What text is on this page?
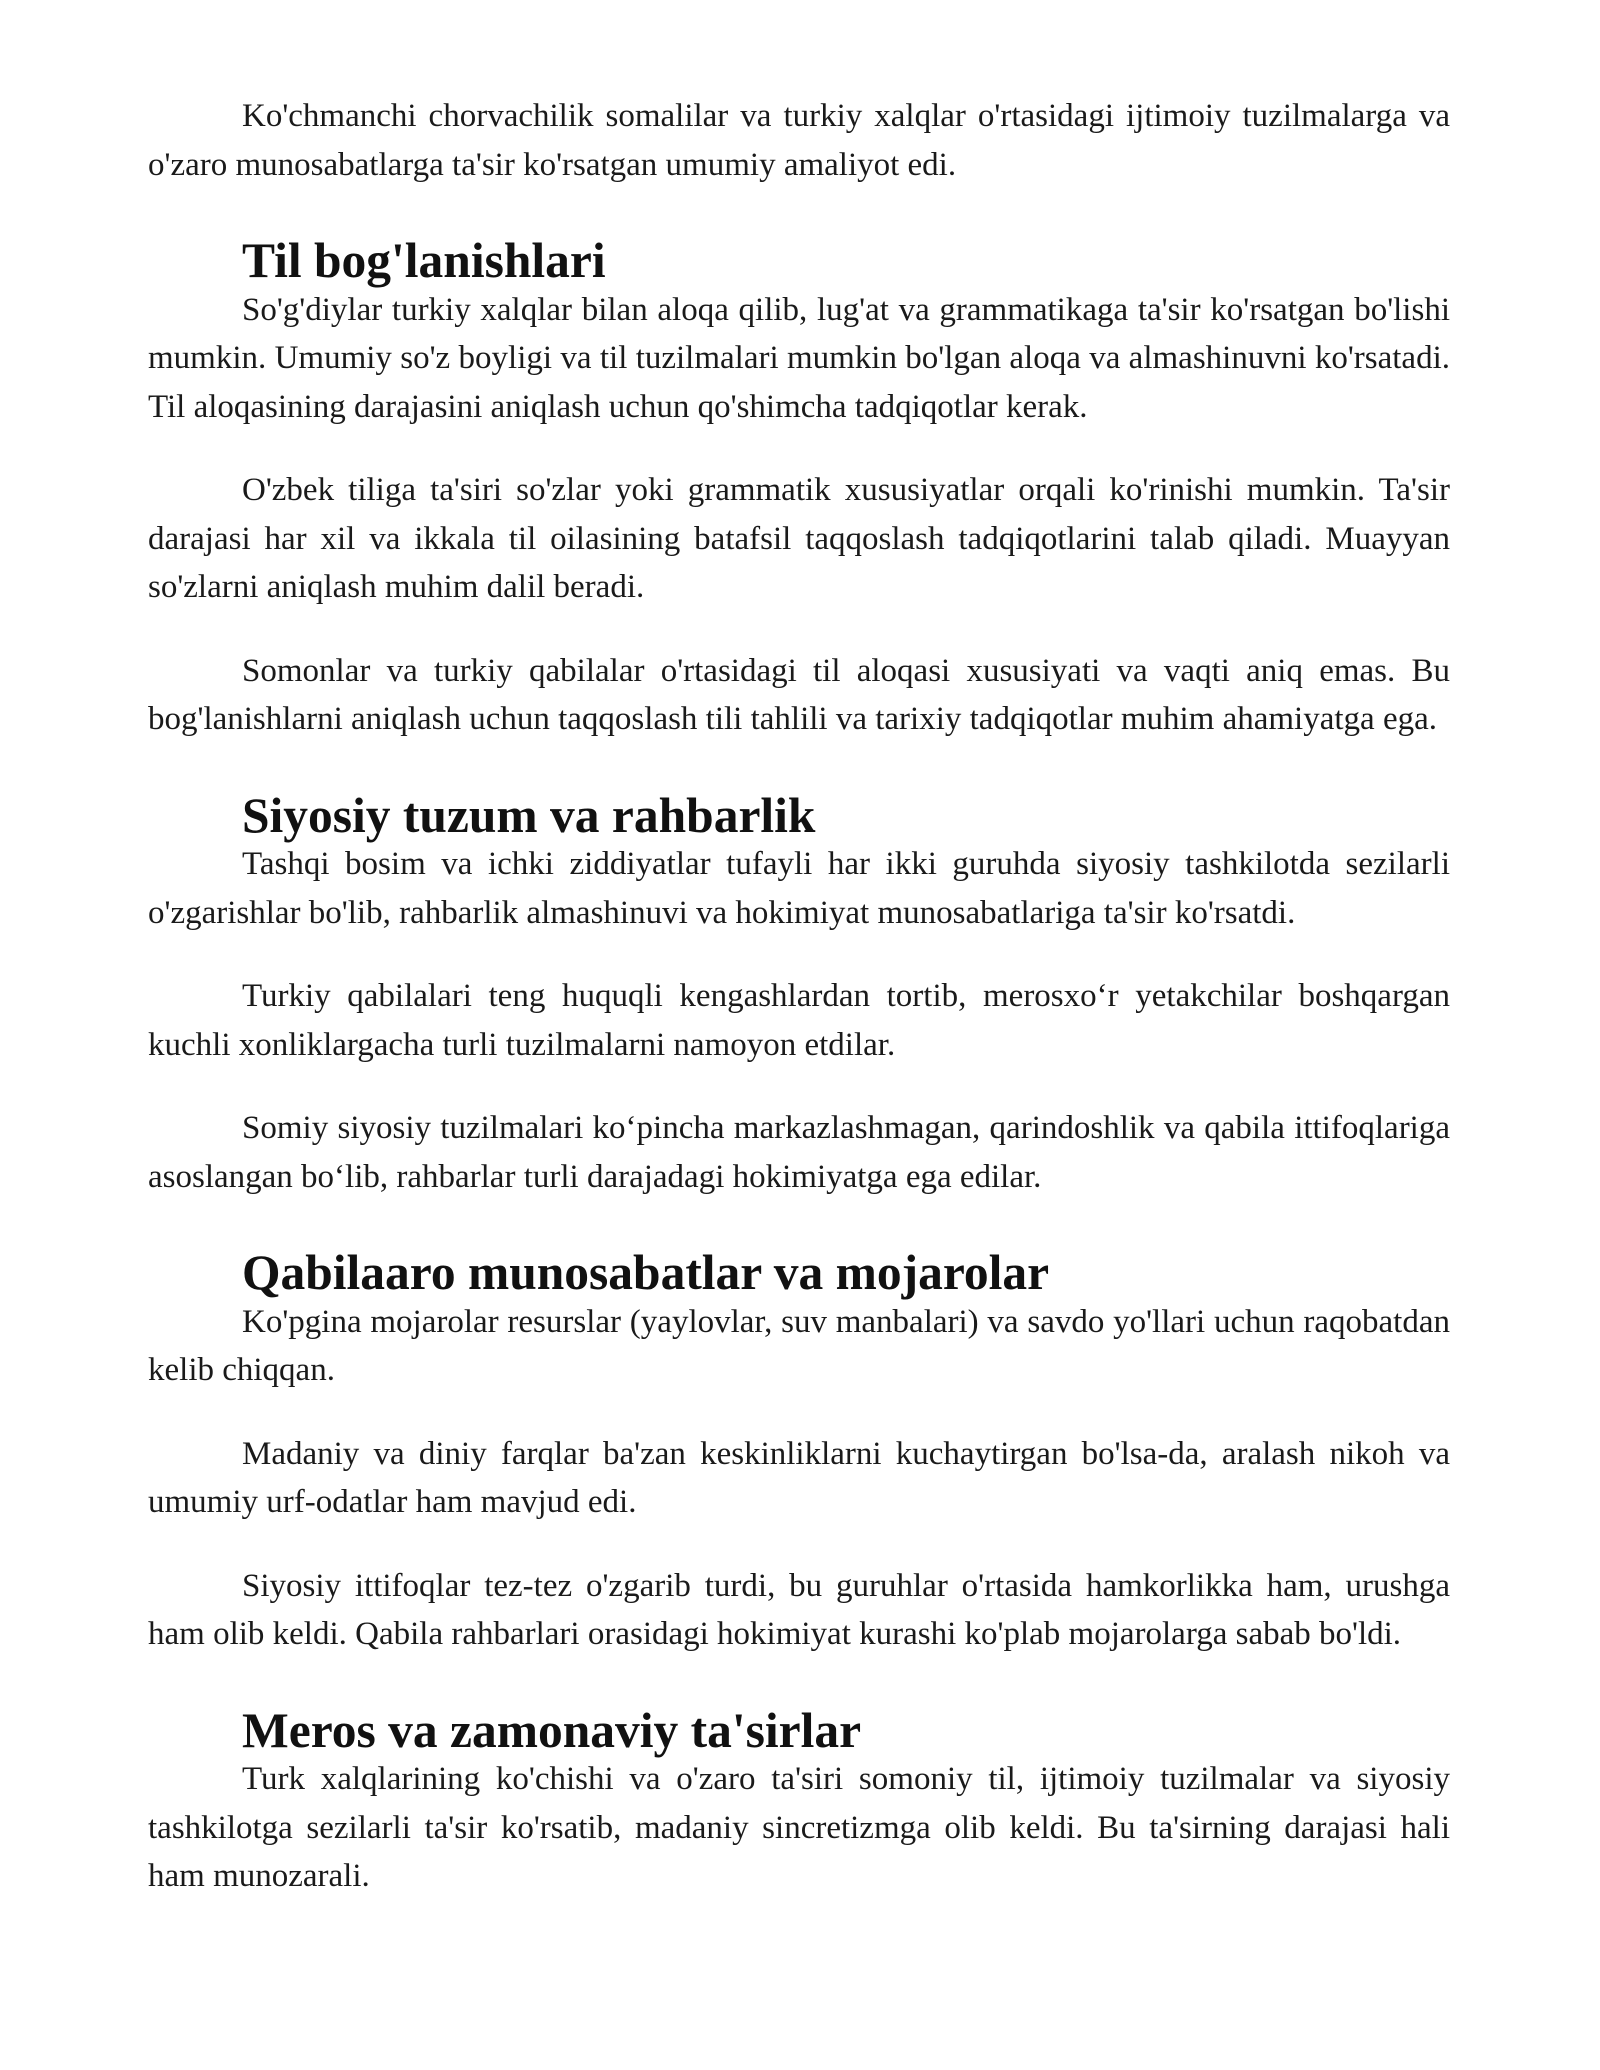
Ko'chmanchi chorvachilik somalilar va turkiy xalqlar o'rtasidagi ijtimoiy tuzilmalarga va o'zaro munosabatlarga ta'sir ko'rsatgan umumiy amaliyot edi.

Til bog'lanishlari

So'g'diylar turkiy xalqlar bilan aloqa qilib, lug'at va grammatikaga ta'sir ko'rsatgan bo'lishi mumkin. Umumiy so'z boyligi va til tuzilmalari mumkin bo'lgan aloqa va almashinuvni ko'rsatadi. Til aloqasining darajasini aniqlash uchun qo'shimcha tadqiqotlar kerak.

O'zbek tiliga ta'siri so'zlar yoki grammatik xususiyatlar orqali ko'rinishi mumkin. Ta'sir darajasi har xil va ikkala til oilasining batafsil taqqoslash tadqiqotlarini talab qiladi. Muayyan so'zlarni aniqlash muhim dalil beradi.

Somonlar va turkiy qabilalar o'rtasidagi til aloqasi xususiyati va vaqti aniq emas. Bu bog'lanishlarni aniqlash uchun taqqoslash tili tahlili va tarixiy tadqiqotlar muhim ahamiyatga ega.

Siyosiy tuzum va rahbarlik

Tashqi bosim va ichki ziddiyatlar tufayli har ikki guruhda siyosiy tashkilotda sezilarli o'zgarishlar bo'lib, rahbarlik almashinuvi va hokimiyat munosabatlariga ta'sir ko'rsatdi.

Turkiy qabilalari teng huquqli kengashlardan tortib, merosxo‘r yetakchilar boshqargan kuchli xonliklargacha turli tuzilmalarni namoyon etdilar.

Somiy siyosiy tuzilmalari ko‘pincha markazlashmagan, qarindoshlik va qabila ittifoqlariga asoslangan bo‘lib, rahbarlar turli darajadagi hokimiyatga ega edilar.

Qabilaaro munosabatlar va mojarolar

Ko'pgina mojarolar resurslar (yaylovlar, suv manbalari) va savdo yo'llari uchun raqobatdan kelib chiqqan.

Madaniy va diniy farqlar ba'zan keskinliklarni kuchaytirgan bo'lsa-da, aralash nikoh va umumiy urf-odatlar ham mavjud edi.

Siyosiy ittifoqlar tez-tez o'zgarib turdi, bu guruhlar o'rtasida hamkorlikka ham, urushga ham olib keldi. Qabila rahbarlari orasidagi hokimiyat kurashi ko'plab mojarolarga sabab bo'ldi.

Meros va zamonaviy ta'sirlar

Turk xalqlarining ko'chishi va o'zaro ta'siri somoniy til, ijtimoiy tuzilmalar va siyosiy tashkilotga sezilarli ta'sir ko'rsatib, madaniy sincretizmga olib keldi. Bu ta'sirning darajasi hali ham munozarali.
